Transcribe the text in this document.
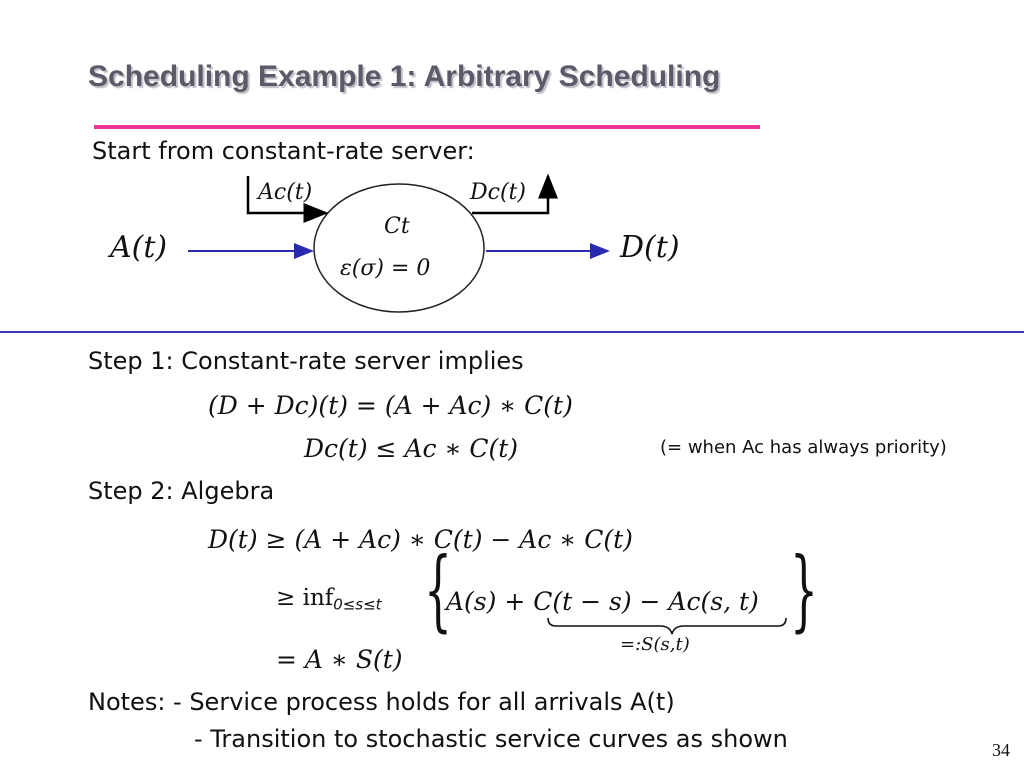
Scheduling Example 1: Arbitrary Scheduling
Start from constant-rate server:
A(t)	D(t)
Ac(t)	Dc(t)
Ct
ε(σ) = 0
Step 1: Constant-rate server implies
(D + Dc)(t) = (A + Ac) ∗ C(t)
Dc(t) ≤ Ac ∗ C(t)	(= when Ac has always priority)
Step 2: Algebra
D(t) ≥ (A + Ac) ∗ C(t) − Ac ∗ C(t)
≥ inf$_{0\le s\le t}$ {
A(s) + C(t − s) − Ac(s, t) }
=:S(s,t)
= A ∗ S(t)
Notes: - Service process holds for all arrivals A(t)
- Transition to stochastic service curves as shown	34
